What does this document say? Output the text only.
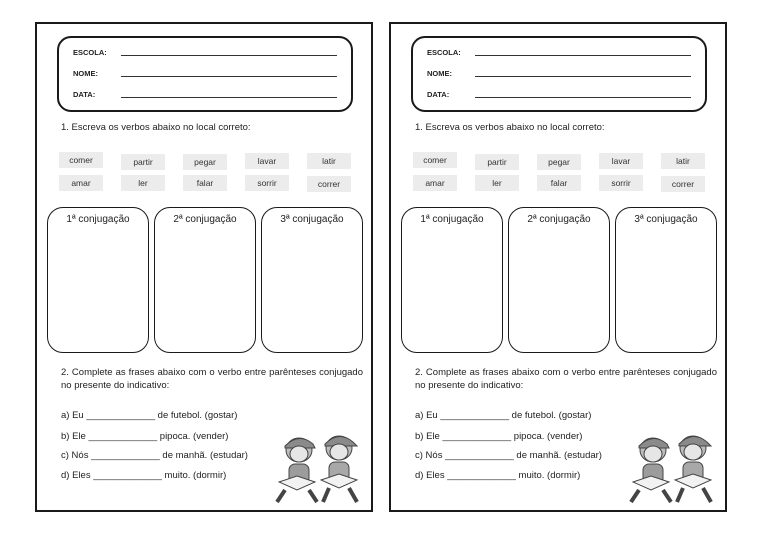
ESCOLA:
NOME:
DATA:
1. Escreva os verbos abaixo no local correto:
comer	partir	pegar	lavar	latir
amar	ler	falar	sorrir	correr
1ª conjugação	2ª conjugação	3ª conjugação
2. Complete as frases abaixo com o verbo entre parênteses conjugado no presente do indicativo:
a) Eu _____________ de futebol. (gostar)
b) Ele _____________ pipoca. (vender)
c) Nós _____________ de manhã. (estudar)
d) Eles _____________ muito. (dormir)
ESCOLA:
NOME:
DATA:
1. Escreva os verbos abaixo no local correto:
comer	partir	pegar	lavar	latir
amar	ler	falar	sorrir	correr
1ª conjugação	2ª conjugação	3ª conjugação
2. Complete as frases abaixo com o verbo entre parênteses conjugado no presente do indicativo:
a) Eu _____________ de futebol. (gostar)
b) Ele _____________ pipoca. (vender)
c) Nós _____________ de manhã. (estudar)
d) Eles _____________ muito. (dormir)
